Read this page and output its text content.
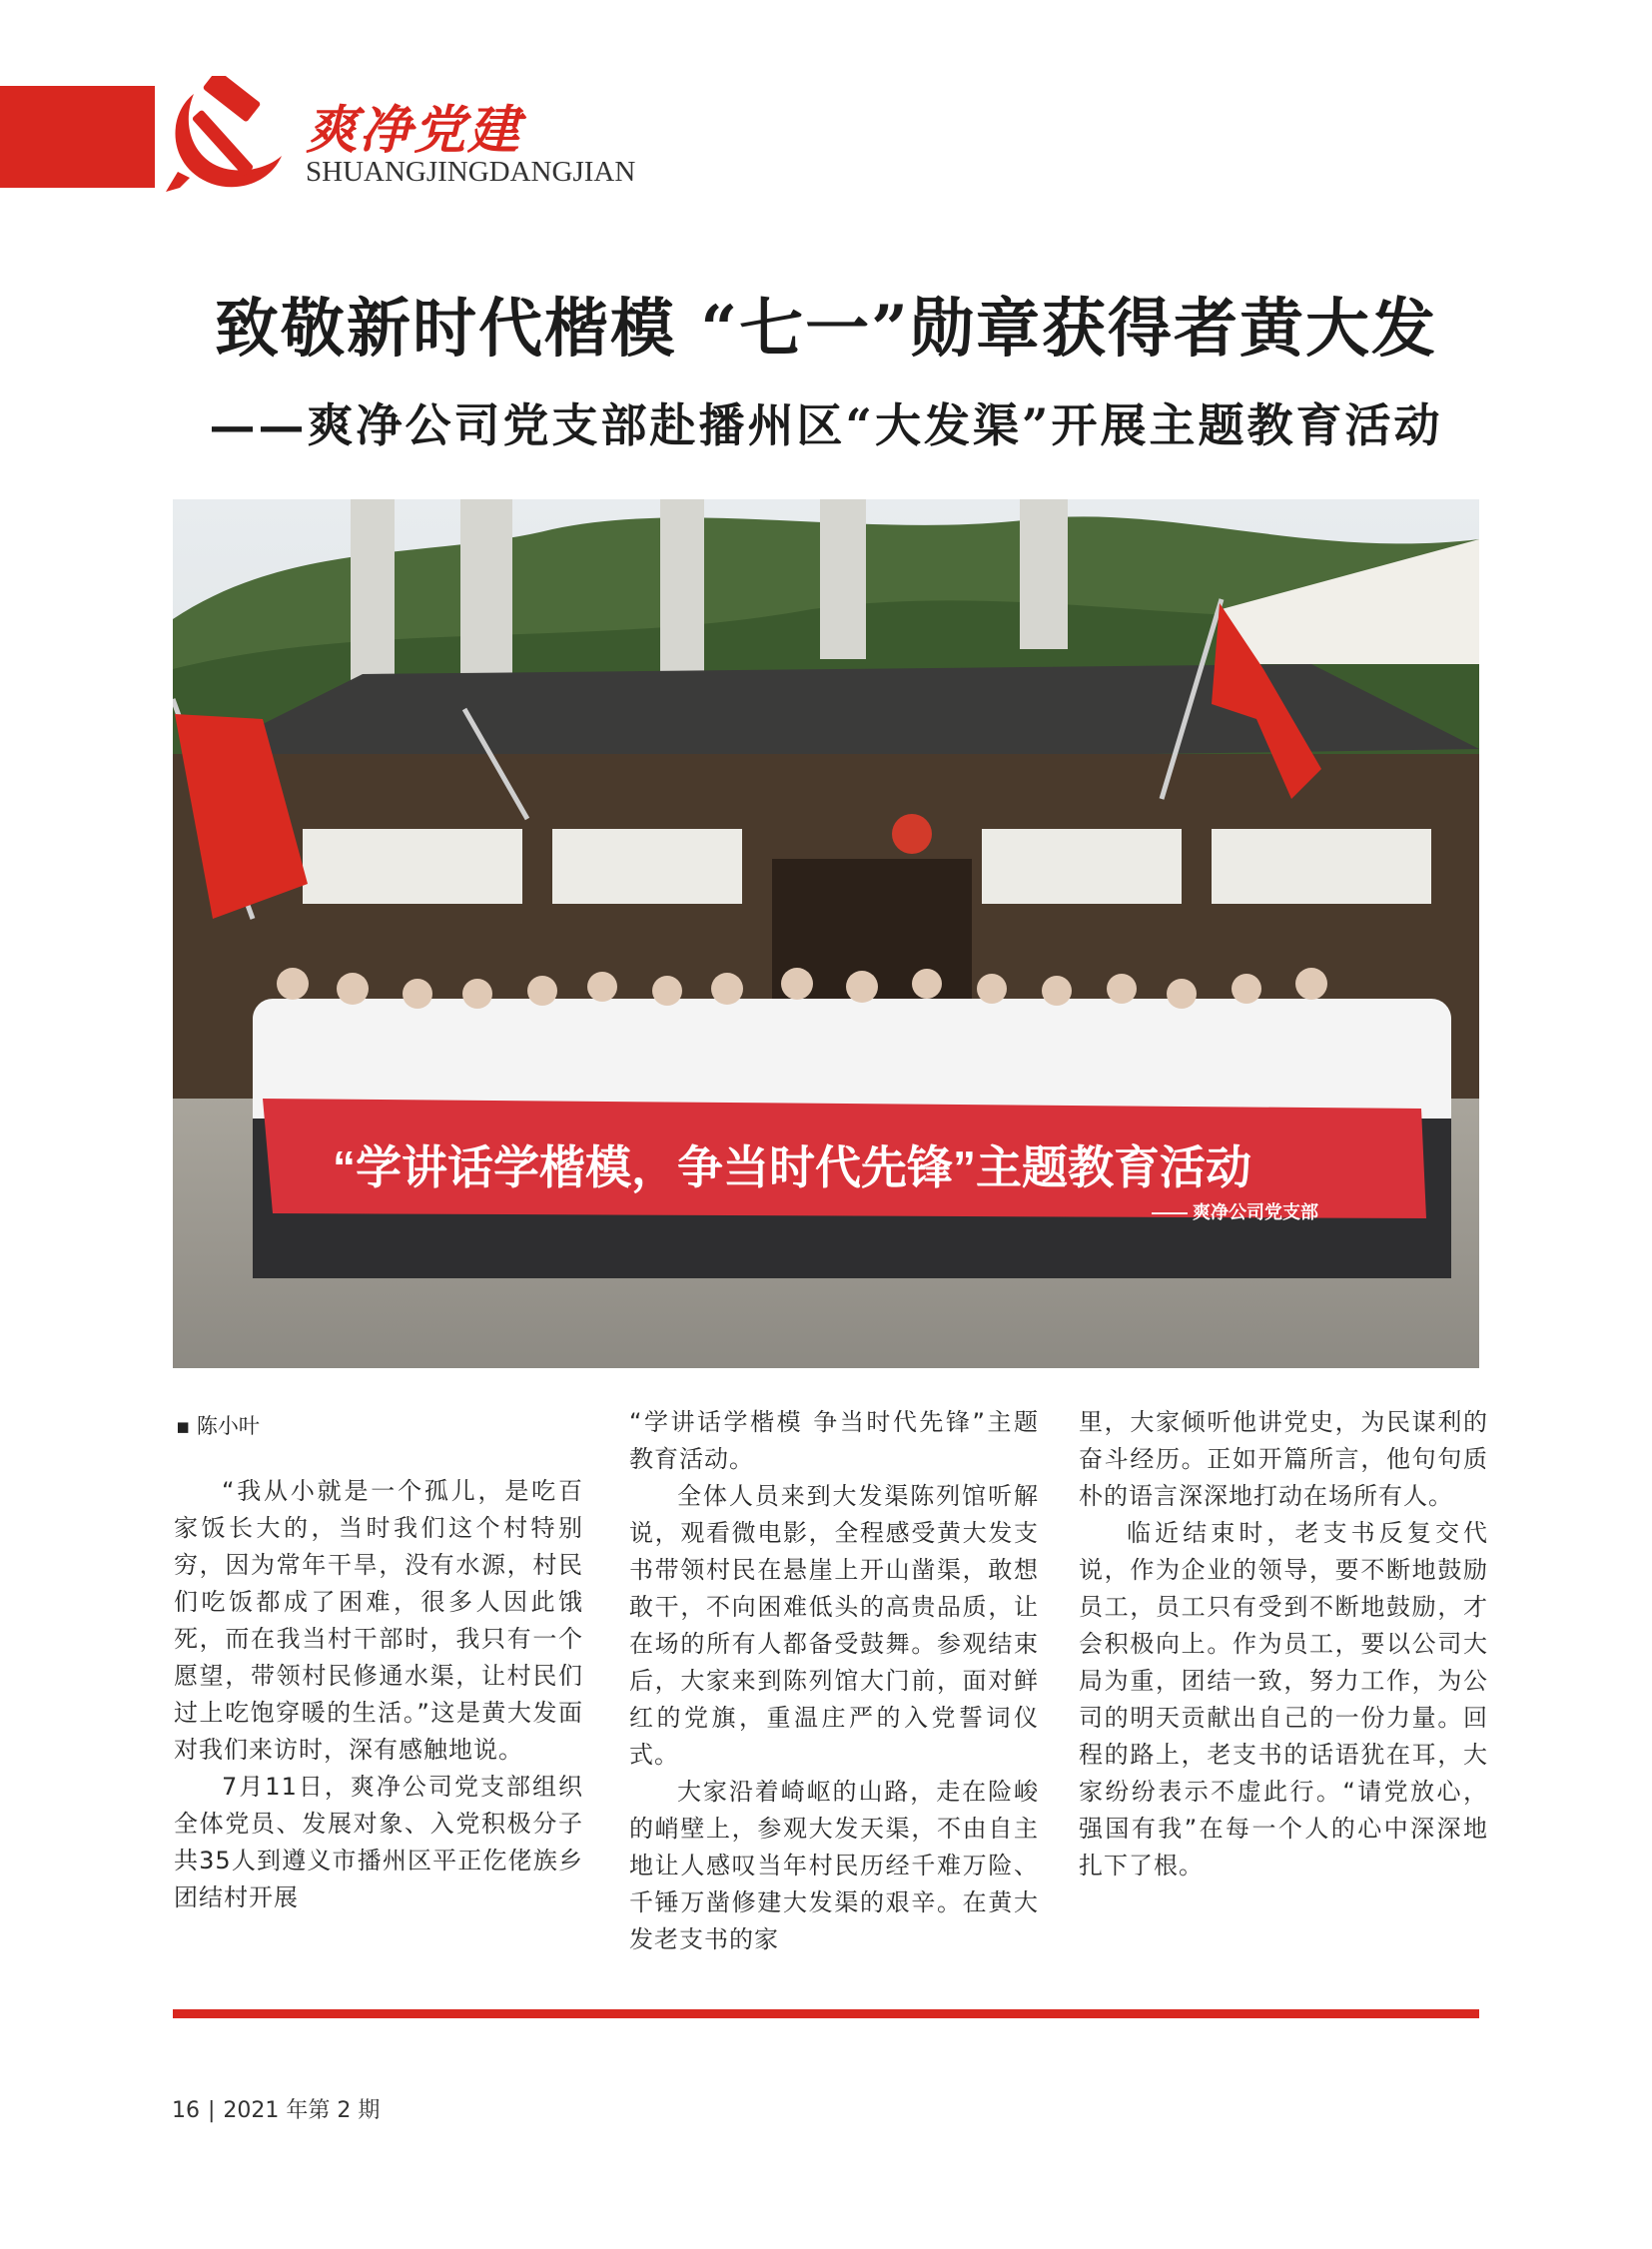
爽净党建
SHUANGJINGDANGJIAN
致敬新时代楷模 “七一”勋章获得者黄大发
——爽净公司党支部赴播州区“大发渠”开展主题教育活动
“学讲话学楷模，争当时代先锋”主题教育活动
—— 爽净公司党支部
▪ 陈小叶

“我从小就是一个孤儿，是吃百家饭长大的，当时我们这个村特别穷，因为常年干旱，没有水源，村民们吃饭都成了困难，很多人因此饿死，而在我当村干部时，我只有一个愿望，带领村民修通水渠，让村民们过上吃饱穿暖的生活。”这是黄大发面对我们来访时，深有感触地说。

7月11日，爽净公司党支部组织全体党员、发展对象、入党积极分子共35人到遵义市播州区平正仡佬族乡团结村开展

“学讲话学楷模 争当时代先锋”主题教育活动。

全体人员来到大发渠陈列馆听解说，观看微电影，全程感受黄大发支书带领村民在悬崖上开山凿渠，敢想敢干，不向困难低头的高贵品质，让在场的所有人都备受鼓舞。参观结束后，大家来到陈列馆大门前，面对鲜红的党旗，重温庄严的入党誓词仪式。

大家沿着崎岖的山路，走在险峻的峭壁上，参观大发天渠，不由自主地让人感叹当年村民历经千难万险、千锤万凿修建大发渠的艰辛。在黄大发老支书的家

里，大家倾听他讲党史，为民谋利的奋斗经历。正如开篇所言，他句句质朴的语言深深地打动在场所有人。

临近结束时，老支书反复交代说，作为企业的领导，要不断地鼓励员工，员工只有受到不断地鼓励，才会积极向上。作为员工，要以公司大局为重，团结一致，努力工作，为公司的明天贡献出自己的一份力量。回程的路上，老支书的话语犹在耳，大家纷纷表示不虚此行。“请党放心，强国有我”在每一个人的心中深深地扎下了根。

16 | 2021 年第 2 期
